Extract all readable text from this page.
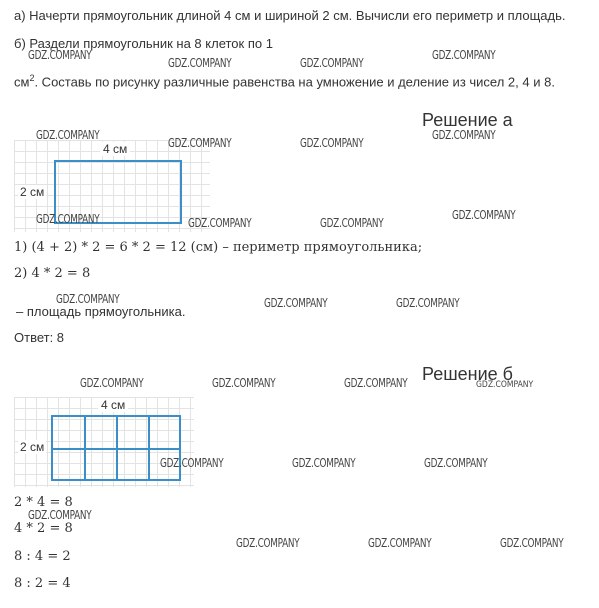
а) Начерти прямоугольник длиной 4 см и шириной 2 см. Вычисли его периметр и площадь.
б) Раздели прямоугольник на 8 клеток по 1
$см^2$. Составь по рисунку различные равенства на умножение и деление из чисел 2, 4 и 8.
Решение а
4 см
2 см
1) (4 + 2) * 2 = 6 * 2 = 12 (см) – периметр прямоугольника;
2) 4 * 2 = 8
– площадь прямоугольника.
Ответ: 8
Решение б
4 см
2 см
2 * 4 = 8
4 * 2 = 8
8 : 4 = 2
8 : 2 = 4
GDZ.COMPANY
GDZ.COMPANY	GDZ.COMPANY
GDZ.COMPANY
GDZ.COMPANY
GDZ.COMPANY
GDZ.COMPANY	GDZ.COMPANY
GDZ.COMPANY	GDZ.COMPANY	GDZ.COMPANY
GDZ.COMPANY
GDZ.COMPANY	GDZ.COMPANY	GDZ.COMPANY
GDZ.COMPANY	GDZ.COMPANY	GDZ.COMPANY	GDZ.COMPANY
GDZ.COMPANY	GDZ.COMPANY	GDZ.COMPANY
GDZ.COMPANY
GDZ.COMPANY	GDZ.COMPANY	GDZ.COMPANY
